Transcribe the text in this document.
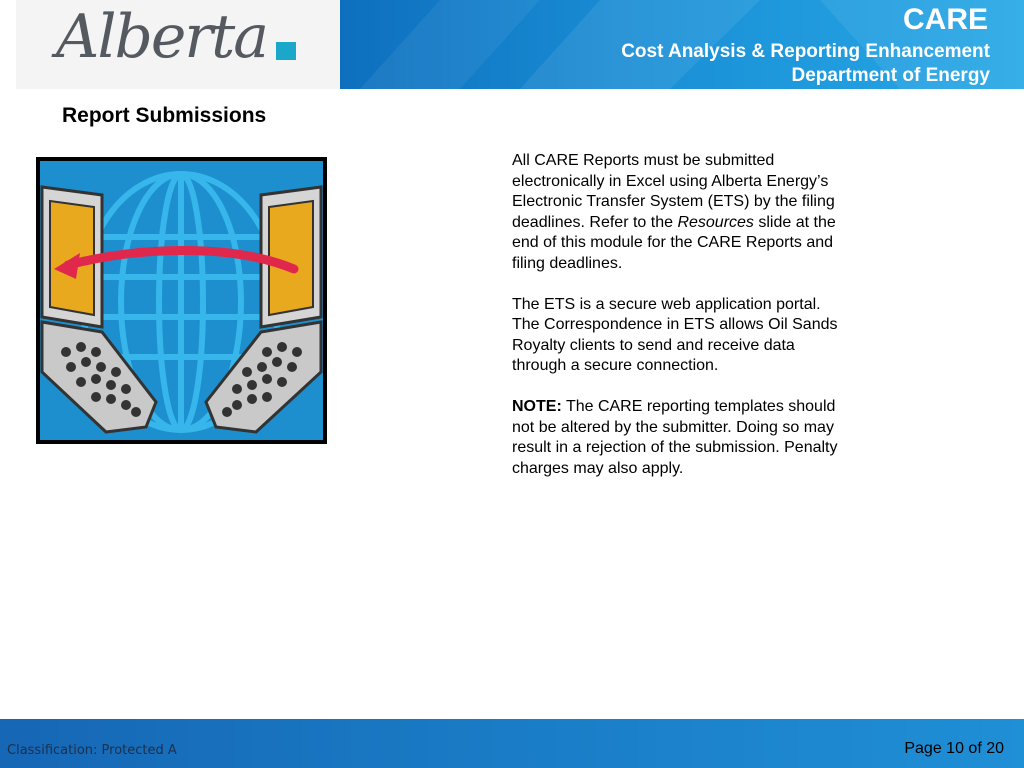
Alberta	CARE
Cost Analysis & Reporting Enhancement
Department of Energy
Report Submissions

All CARE Reports must be submitted electronically in Excel using Alberta Energy’s Electronic Transfer System (ETS) by the filing deadlines. Refer to the Resources slide at the end of this module for the CARE Reports and filing deadlines.

The ETS is a secure web application portal. The Correspondence in ETS allows Oil Sands Royalty clients to send and receive data through a secure connection.

NOTE: The CARE reporting templates should not be altered by the submitter. Doing so may result in a rejection of the submission. Penalty charges may also apply.

Classification: Protected A	Page 10 of 20
